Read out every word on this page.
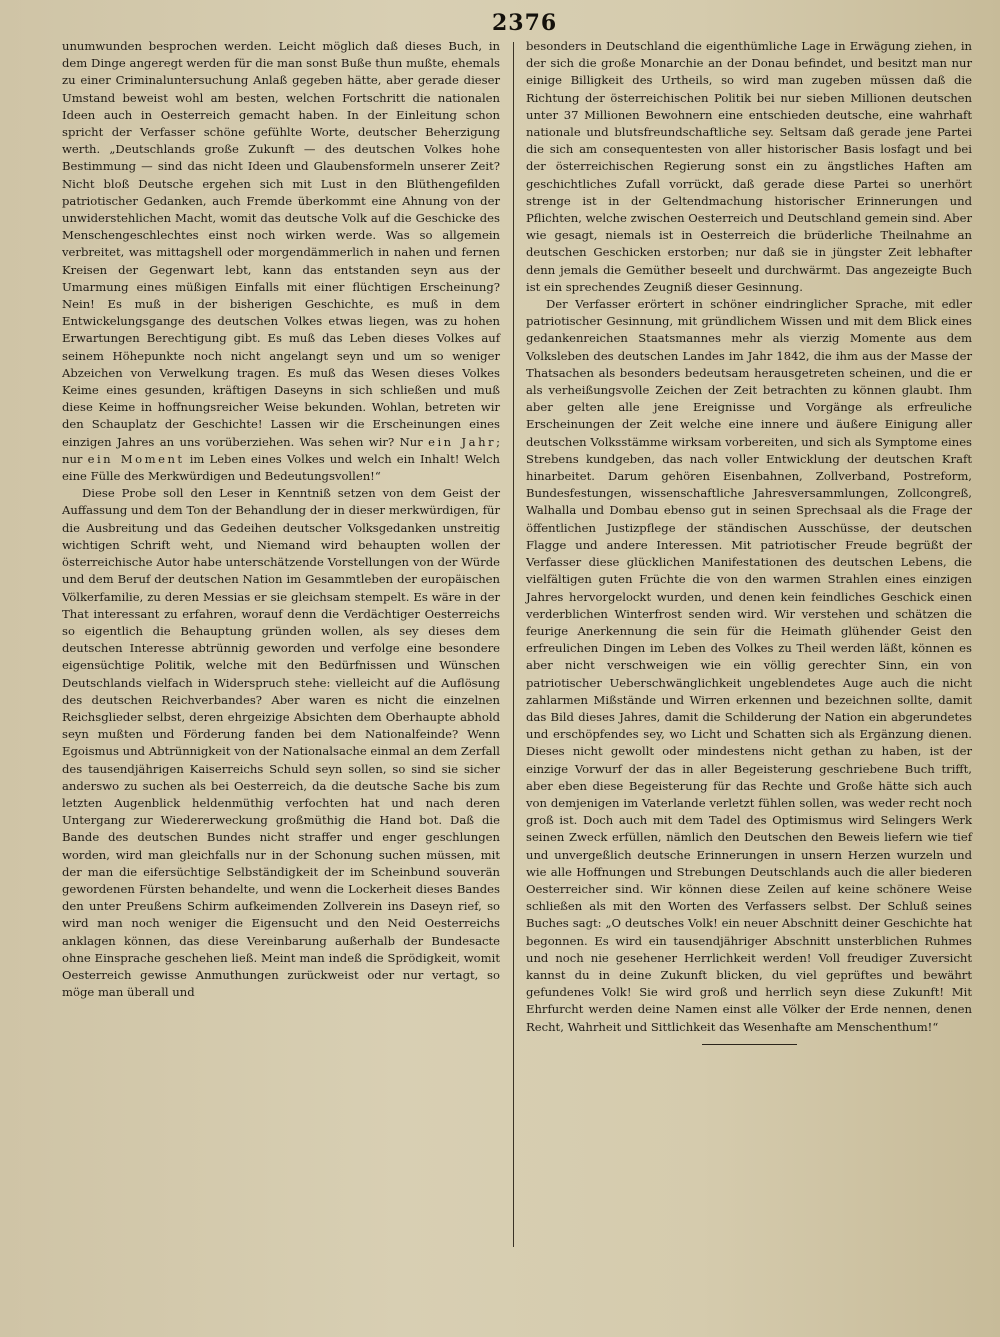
2376

unumwunden besprochen werden. Leicht möglich daß dieses Buch, in dem Dinge angeregt werden für die man sonst Buße thun mußte, ehemals zu einer Criminaluntersuchung Anlaß gegeben hätte, aber gerade dieser Umstand beweist wohl am besten, welchen Fortschritt die nationalen Ideen auch in Oesterreich gemacht haben. In der Einleitung schon spricht der Verfasser schöne gefühlte Worte, deutscher Beherzigung werth. „Deutschlands große Zukunft — des deutschen Volkes hohe Bestimmung — sind das nicht Ideen und Glaubensformeln unserer Zeit? Nicht bloß Deutsche ergehen sich mit Lust in den Blüthengefilden patriotischer Gedanken, auch Fremde überkommt eine Ahnung von der unwiderstehlichen Macht, womit das deutsche Volk auf die Geschicke des Menschengeschlechtes einst noch wirken werde. Was so allgemein verbreitet, was mittagshell oder morgendämmerlich in nahen und fernen Kreisen der Gegenwart lebt, kann das entstanden seyn aus der Umarmung eines müßigen Einfalls mit einer flüchtigen Erscheinung? Nein! Es muß in der bisherigen Geschichte, es muß in dem Entwickelungsgange des deutschen Volkes etwas liegen, was zu hohen Erwartungen Berechtigung gibt. Es muß das Leben dieses Volkes auf seinem Höhepunkte noch nicht angelangt seyn und um so weniger Abzeichen von Verwelkung tragen. Es muß das Wesen dieses Volkes Keime eines gesunden, kräftigen Daseyns in sich schließen und muß diese Keime in hoffnungsreicher Weise bekunden. Wohlan, betreten wir den Schauplatz der Geschichte! Lassen wir die Erscheinungen eines einzigen Jahres an uns vorüberziehen. Was sehen wir? Nur ein Jahr; nur ein Moment im Leben eines Volkes und welch ein Inhalt! Welch eine Fülle des Merkwürdigen und Bedeutungsvollen!“

Diese Probe soll den Leser in Kenntniß setzen von dem Geist der Auffassung und dem Ton der Behandlung der in dieser merkwürdigen, für die Ausbreitung und das Gedeihen deutscher Volksgedanken unstreitig wichtigen Schrift weht, und Niemand wird behaupten wollen der österreichische Autor habe unterschätzende Vorstellungen von der Würde und dem Beruf der deutschen Nation im Gesammtleben der europäischen Völkerfamilie, zu deren Messias er sie gleichsam stempelt. Es wäre in der That interessant zu erfahren, worauf denn die Verdächtiger Oesterreichs so eigentlich die Behauptung gründen wollen, als sey dieses dem deutschen Interesse abtrünnig geworden und verfolge eine besondere eigensüchtige Politik, welche mit den Bedürfnissen und Wünschen Deutschlands vielfach in Widerspruch stehe: vielleicht auf die Auflösung des deutschen Reichverbandes? Aber waren es nicht die einzelnen Reichsglieder selbst, deren ehrgeizige Absichten dem Oberhaupte abhold seyn mußten und Förderung fanden bei dem Nationalfeinde? Wenn Egoismus und Abtrünnigkeit von der Nationalsache einmal an dem Zerfall des tausendjährigen Kaiserreichs Schuld seyn sollen, so sind sie sicher anderswo zu suchen als bei Oesterreich, da die deutsche Sache bis zum letzten Augenblick heldenmüthig verfochten hat und nach deren Untergang zur Wiedererweckung großmüthig die Hand bot. Daß die Bande des deutschen Bundes nicht straffer und enger geschlungen worden, wird man gleichfalls nur in der Schonung suchen müssen, mit der man die eifersüchtige Selbständigkeit der im Scheinbund souverän gewordenen Fürsten behandelte, und wenn die Lockerheit dieses Bandes den unter Preußens Schirm aufkeimenden Zollverein ins Daseyn rief, so wird man noch weniger die Eigensucht und den Neid Oesterreichs anklagen können, das diese Vereinbarung außerhalb der Bundesacte ohne Einsprache geschehen ließ. Meint man indeß die Sprödigkeit, womit Oesterreich gewisse Anmuthungen zurückweist oder nur vertagt, so möge man überall und

besonders in Deutschland die eigenthümliche Lage in Erwägung ziehen, in der sich die große Monarchie an der Donau befindet, und besitzt man nur einige Billigkeit des Urtheils, so wird man zugeben müssen daß die Richtung der österreichischen Politik bei nur sieben Millionen deutschen unter 37 Millionen Bewohnern eine entschieden deutsche, eine wahrhaft nationale und blutsfreundschaftliche sey. Seltsam daß gerade jene Partei die sich am consequentesten von aller historischer Basis losfagt und bei der österreichischen Regierung sonst ein zu ängstliches Haften am geschichtliches Zufall vorrückt, daß gerade diese Partei so unerhört strenge ist in der Geltendmachung historischer Erinnerungen und Pflichten, welche zwischen Oesterreich und Deutschland gemein sind. Aber wie gesagt, niemals ist in Oesterreich die brüderliche Theilnahme an deutschen Geschicken erstorben; nur daß sie in jüngster Zeit lebhafter denn jemals die Gemüther beseelt und durchwärmt. Das angezeigte Buch ist ein sprechendes Zeugniß dieser Gesinnung.

Der Verfasser erörtert in schöner eindringlicher Sprache, mit edler patriotischer Gesinnung, mit gründlichem Wissen und mit dem Blick eines gedankenreichen Staatsmannes mehr als vierzig Momente aus dem Volksleben des deutschen Landes im Jahr 1842, die ihm aus der Masse der Thatsachen als besonders bedeutsam herausgetreten scheinen, und die er als verheißungsvolle Zeichen der Zeit betrachten zu können glaubt. Ihm aber gelten alle jene Ereignisse und Vorgänge als erfreuliche Erscheinungen der Zeit welche eine innere und äußere Einigung aller deutschen Volksstämme wirksam vorbereiten, und sich als Symptome eines Strebens kundgeben, das nach voller Entwicklung der deutschen Kraft hinarbeitet. Darum gehören Eisenbahnen, Zollverband, Postreform, Bundesfestungen, wissenschaftliche Jahresversammlungen, Zollcongreß, Walhalla und Dombau ebenso gut in seinen Sprechsaal als die Frage der öffentlichen Justizpflege der ständischen Ausschüsse, der deutschen Flagge und andere Interessen. Mit patriotischer Freude begrüßt der Verfasser diese glücklichen Manifestationen des deutschen Lebens, die vielfältigen guten Früchte die von den warmen Strahlen eines einzigen Jahres hervorgelockt wurden, und denen kein feindliches Geschick einen verderblichen Winterfrost senden wird. Wir verstehen und schätzen die feurige Anerkennung die sein für die Heimath glühender Geist den erfreulichen Dingen im Leben des Volkes zu Theil werden läßt, können es aber nicht verschweigen wie ein völlig gerechter Sinn, ein von patriotischer Ueberschwänglichkeit ungeblendetes Auge auch die nicht zahlarmen Mißstände und Wirren erkennen und bezeichnen sollte, damit das Bild dieses Jahres, damit die Schilderung der Nation ein abgerundetes und erschöpfendes sey, wo Licht und Schatten sich als Ergänzung dienen. Dieses nicht gewollt oder mindestens nicht gethan zu haben, ist der einzige Vorwurf der das in aller Begeisterung geschriebene Buch trifft, aber eben diese Begeisterung für das Rechte und Große hätte sich auch von demjenigen im Vaterlande verletzt fühlen sollen, was weder recht noch groß ist. Doch auch mit dem Tadel des Optimismus wird Selingers Werk seinen Zweck erfüllen, nämlich den Deutschen den Beweis liefern wie tief und unvergeßlich deutsche Erinnerungen in unsern Herzen wurzeln und wie alle Hoffnungen und Strebungen Deutschlands auch die aller biederen Oesterreicher sind. Wir können diese Zeilen auf keine schönere Weise schließen als mit den Worten des Verfassers selbst. Der Schluß seines Buches sagt: „O deutsches Volk! ein neuer Abschnitt deiner Geschichte hat begonnen. Es wird ein tausendjähriger Abschnitt unsterblichen Ruhmes und noch nie gesehener Herrlichkeit werden! Voll freudiger Zuversicht kannst du in deine Zukunft blicken, du viel geprüftes und bewährt gefundenes Volk! Sie wird groß und herrlich seyn diese Zukunft! Mit Ehrfurcht werden deine Namen einst alle Völker der Erde nennen, denen Recht, Wahrheit und Sittlichkeit das Wesenhafte am Menschenthum!“
